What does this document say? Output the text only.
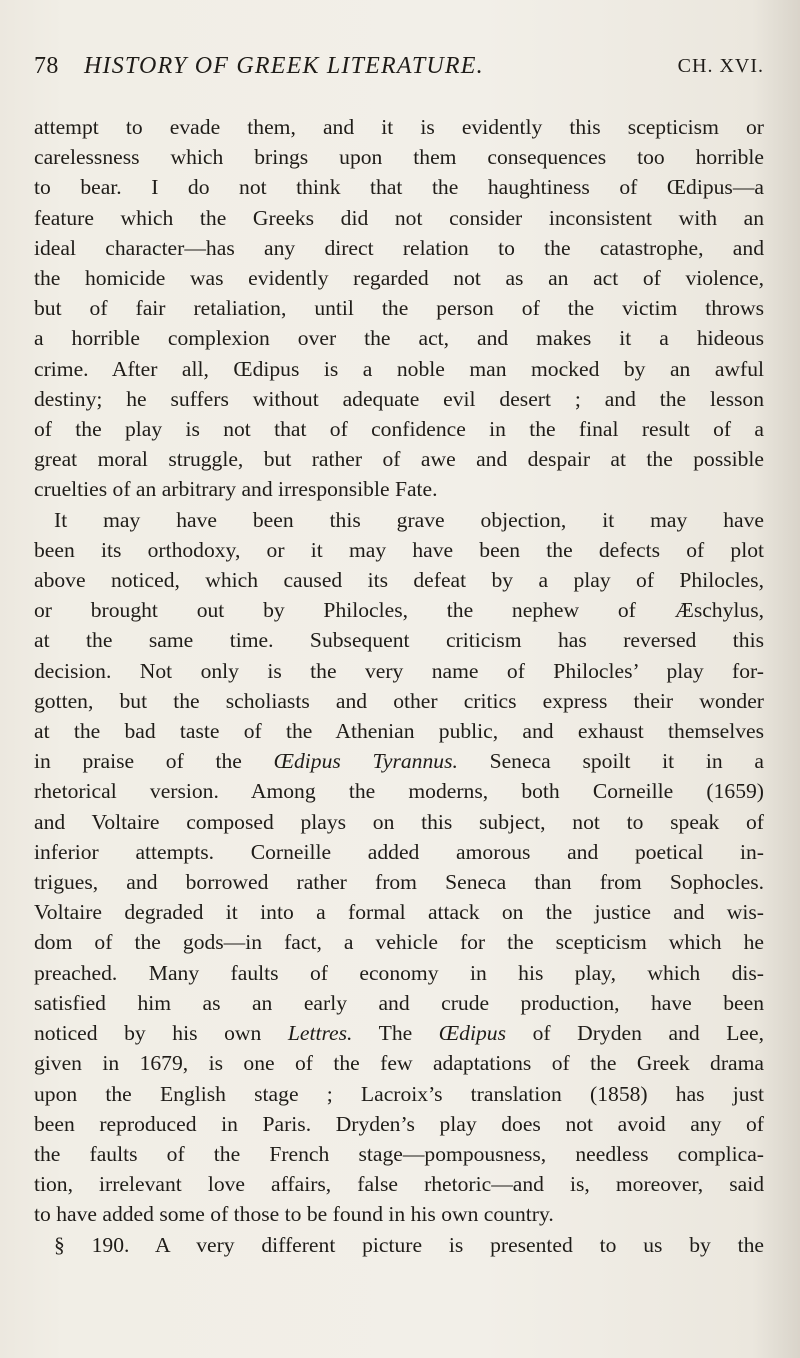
78 HISTORY OF GREEK LITERATURE.	CH. XVI.
attempt to evade them, and it is evidently this scepticism or
carelessness which brings upon them consequences too horrible
to bear. I do not think that the haughtiness of Œdipus—a
feature which the Greeks did not consider inconsistent with an
ideal character—has any direct relation to the catastrophe, and
the homicide was evidently regarded not as an act of violence,
but of fair retaliation, until the person of the victim throws
a horrible complexion over the act, and makes it a hideous
crime. After all, Œdipus is a noble man mocked by an awful
destiny; he suffers without adequate evil desert ; and the lesson
of the play is not that of confidence in the final result of a
great moral struggle, but rather of awe and despair at the possible
cruelties of an arbitrary and irresponsible Fate.
It may have been this grave objection, it may have
been its orthodoxy, or it may have been the defects of plot
above noticed, which caused its defeat by a play of Philocles,
or brought out by Philocles, the nephew of Æschylus,
at the same time. Subsequent criticism has reversed this
decision. Not only is the very name of Philocles’ play for-
gotten, but the scholiasts and other critics express their wonder
at the bad taste of the Athenian public, and exhaust themselves
in praise of the Œdipus Tyrannus. Seneca spoilt it in a
rhetorical version. Among the moderns, both Corneille (1659)
and Voltaire composed plays on this subject, not to speak of
inferior attempts. Corneille added amorous and poetical in-
trigues, and borrowed rather from Seneca than from Sophocles.
Voltaire degraded it into a formal attack on the justice and wis-
dom of the gods—in fact, a vehicle for the scepticism which he
preached. Many faults of economy in his play, which dis-
satisfied him as an early and crude production, have been
noticed by his own Lettres. The Œdipus of Dryden and Lee,
given in 1679, is one of the few adaptations of the Greek drama
upon the English stage ; Lacroix’s translation (1858) has just
been reproduced in Paris. Dryden’s play does not avoid any of
the faults of the French stage—pompousness, needless complica-
tion, irrelevant love affairs, false rhetoric—and is, moreover, said
to have added some of those to be found in his own country.
§ 190. A very different picture is presented to us by the
